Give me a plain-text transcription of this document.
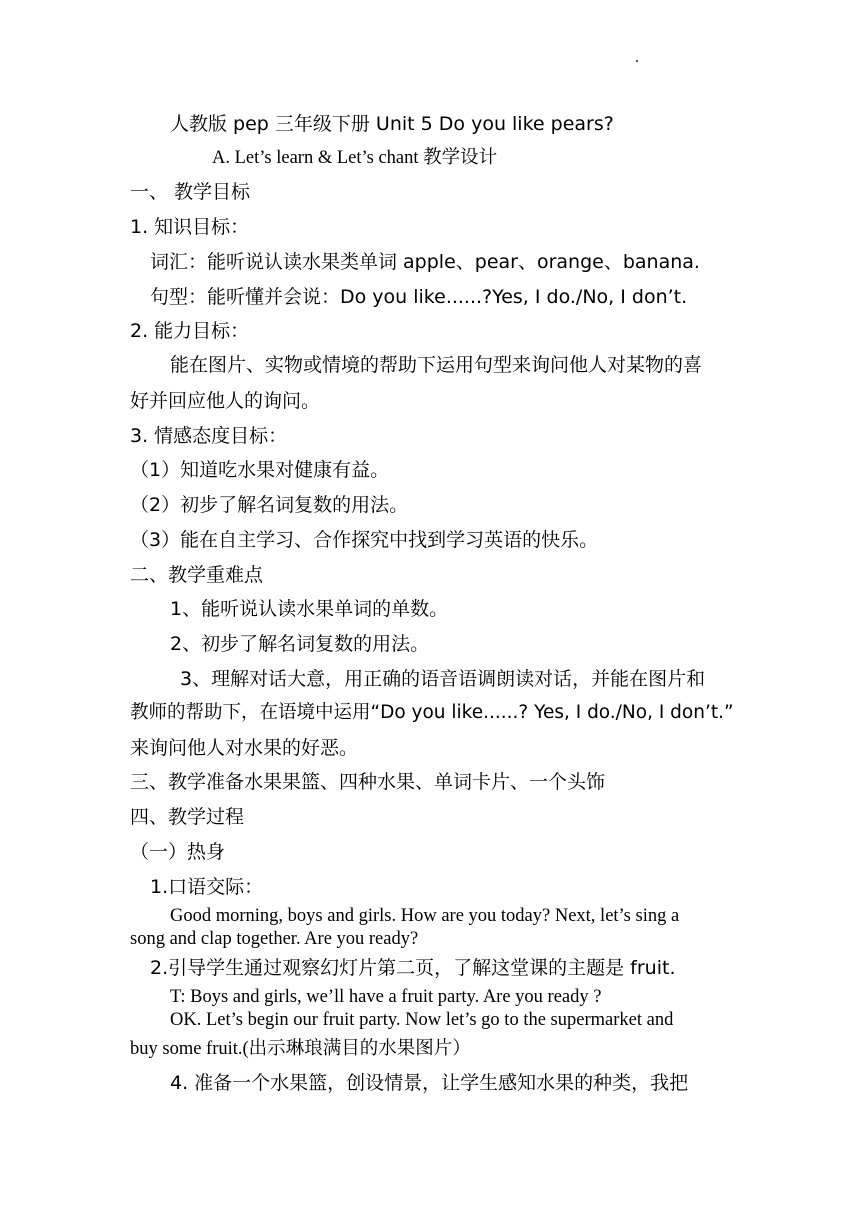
人教版 pep 三年级下册 Unit 5 Do you like pears?
A. Let’s learn & Let’s chant 教学设计
一、 教学目标
1. 知识目标：
词汇：能听说认读水果类单词 apple、pear、orange、banana.
句型：能听懂并会说：Do you like......?Yes, I do./No, I don’t.
2. 能力目标：
能在图片、实物或情境的帮助下运用句型来询问他人对某物的喜
好并回应他人的询问。
3. 情感态度目标：
（1）知道吃水果对健康有益。
（2）初步了解名词复数的用法。
（3）能在自主学习、合作探究中找到学习英语的快乐。
二、教学重难点
1、能听说认读水果单词的单数。
2、初步了解名词复数的用法。
3、理解对话大意，用正确的语音语调朗读对话，并能在图片和
教师的帮助下，在语境中运用“Do you like......? Yes, I do./No, I don’t.”
来询问他人对水果的好恶。
三、教学准备水果果篮、四种水果、单词卡片、一个头饰
四、教学过程
（一）热身
1.口语交际：
Good morning, boys and girls. How are you today? Next, let’s sing a
song and clap together. Are you ready?
2.引导学生通过观察幻灯片第二页，了解这堂课的主题是 fruit.
T: Boys and girls, we’ll have a fruit party. Are you ready ?
OK. Let’s begin our fruit party. Now let’s go to the supermarket and
buy some fruit.(出示琳琅满目的水果图片）
4. 准备一个水果篮，创设情景，让学生感知水果的种类，我把
